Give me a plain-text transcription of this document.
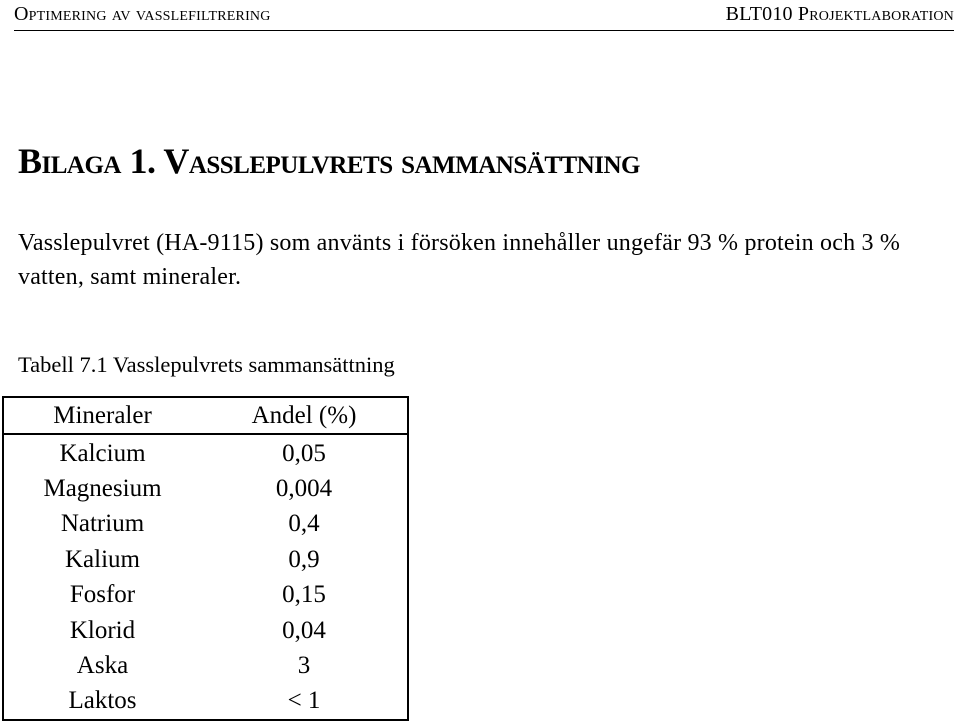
Optimering av vasslefiltrering	BLT010 Projektlaboration
Bilaga 1. Vasslepulvrets sammansättning

Vasslepulvret (HA-9115) som använts i försöken innehåller ungefär 93 % protein och 3 % vatten, samt mineraler.

Tabell 7.1 Vasslepulvrets sammansättning

Mineraler	Andel (%)
Kalcium	0,05
Magnesium	0,004
Natrium	0,4
Kalium	0,9
Fosfor	0,15
Klorid	0,04
Aska	3
Laktos	< 1
